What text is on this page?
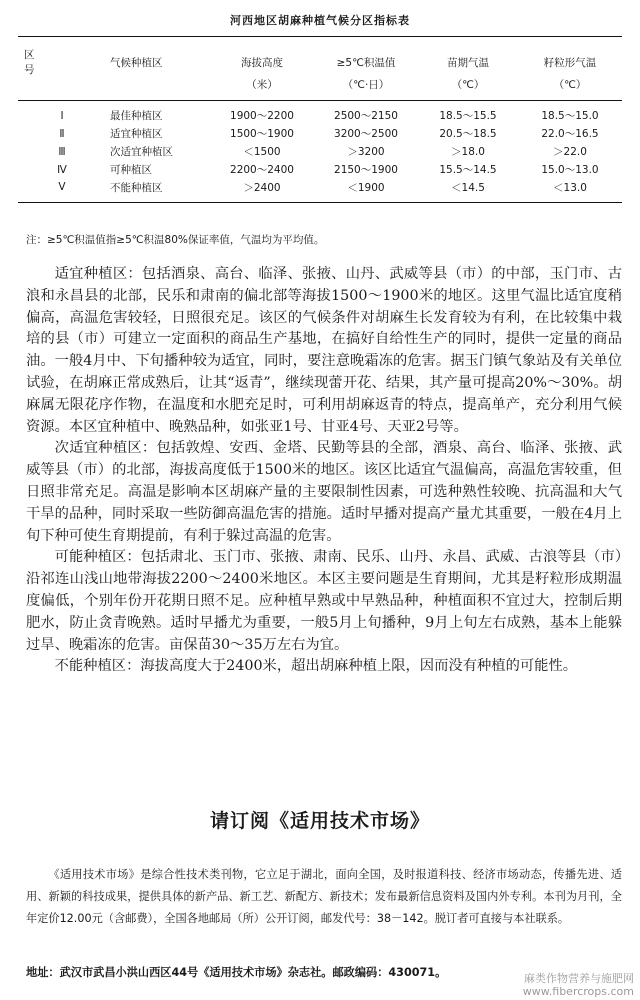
河西地区胡麻种植气候分区指标表
区　号	气候种植区	海拔高度	≥5℃积温值	苗期气温	籽粒形气温
		（米）	（℃·日）	（℃）	（℃）
Ⅰ	最佳种植区	1900～2200	2500～2150	18.5～15.5	18.5～15.0
Ⅱ	适宜种植区	1500～1900	3200～2500	20.5～18.5	22.0～16.5
Ⅲ	次适宜种植区	＜1500	＞3200	＞18.0	＞22.0
Ⅳ	可种植区	2200～2400	2150～1900	15.5～14.5	15.0～13.0
Ⅴ	不能种植区	＞2400	＜1900	＜14.5	＜13.0
注：≥5℃积温值指≥5℃积温80%保证率值，气温均为平均值。

适宜种植区：包括酒泉、高台、临泽、张掖、山丹、武威等县（市）的中部，玉门市、古浪和永昌县的北部，民乐和肃南的偏北部等海拔1500～1900米的地区。这里气温比适宜度稍偏高，高温危害较轻，日照很充足。该区的气候条件对胡麻生长发育较为有利，在比较集中栽培的县（市）可建立一定面积的商品生产基地，在搞好自给性生产的同时，提供一定量的商品油。一般4月中、下旬播种较为适宜，同时，要注意晚霜冻的危害。据玉门镇气象站及有关单位试验，在胡麻正常成熟后，让其“返青”，继续现蕾开花、结果，其产量可提高20%～30%。胡麻属无限花序作物，在温度和水肥充足时，可利用胡麻返青的特点，提高单产，充分利用气候资源。本区宜种植中、晚熟品种，如张亚1号、甘亚4号、天亚2号等。

次适宜种植区：包括敦煌、安西、金塔、民勤等县的全部，酒泉、高台、临泽、张掖、武威等县（市）的北部，海拔高度低于1500米的地区。该区比适宜气温偏高，高温危害较重，但日照非常充足。高温是影响本区胡麻产量的主要限制性因素，可选种熟性较晚、抗高温和大气干旱的品种，同时采取一些防御高温危害的措施。适时早播对提高产量尤其重要，一般在4月上旬下种可使生育期提前，有利于躲过高温的危害。

可能种植区：包括肃北、玉门市、张掖、肃南、民乐、山丹、永昌、武威、古浪等县（市）沿祁连山浅山地带海拔2200～2400米地区。本区主要问题是生育期间，尤其是籽粒形成期温度偏低，个别年份开花期日照不足。应种植早熟或中早熟品种，种植面积不宜过大，控制后期肥水，防止贪青晚熟。适时早播尤为重要，一般5月上旬播种，9月上旬左右成熟，基本上能躲过旱、晚霜冻的危害。亩保苗30～35万左右为宜。

不能种植区：海拔高度大于2400米，超出胡麻种植上限，因而没有种植的可能性。

请订阅《适用技术市场》

《适用技术市场》是综合性技术类刊物，它立足于湖北，面向全国，及时报道科技、经济市场动态，传播先进、适用、新颖的科技成果，提供具体的新产品、新工艺、新配方、新技术；发布最新信息资料及国内外专利。本刊为月刊，全年定价12.00元（含邮费），全国各地邮局（所）公开订阅，邮发代号：38－142。脱订者可直接与本社联系。

地址：武汉市武昌小洪山西区44号《适用技术市场》杂志社。邮政编码：430071。	麻类作物营养与施肥网
www.fibercrops.com
